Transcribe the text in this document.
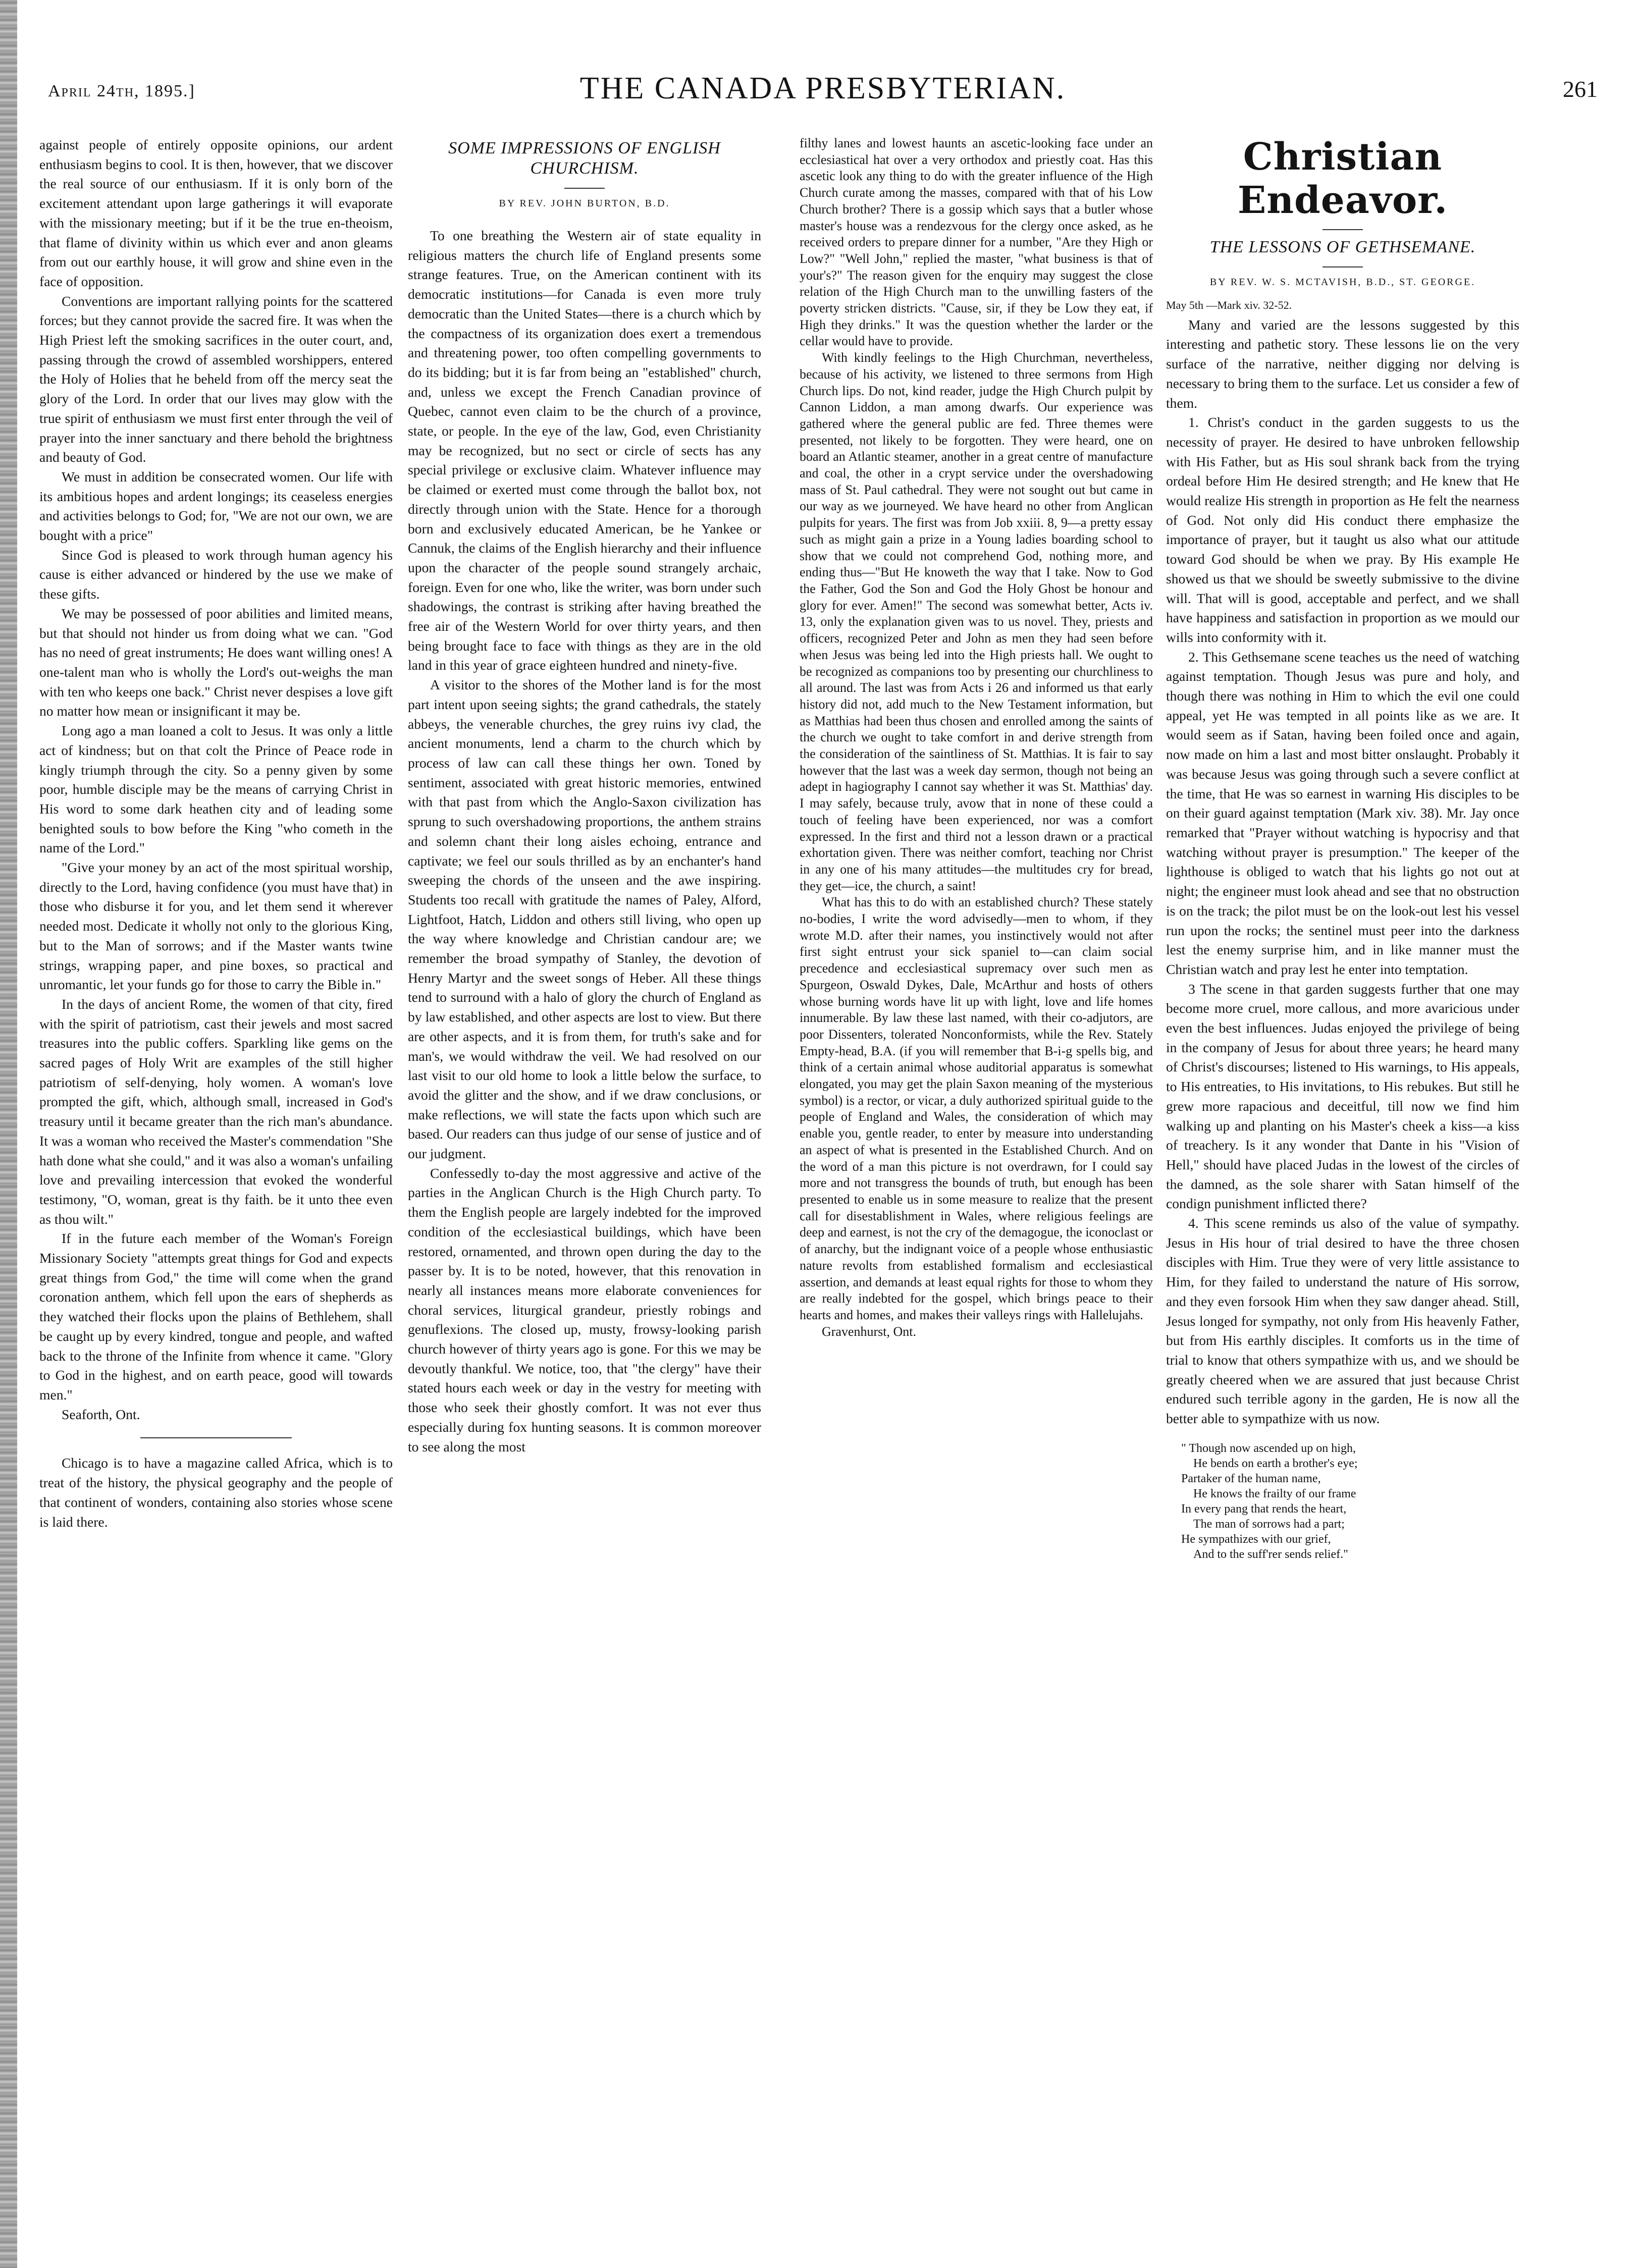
April 24th, 1895.]	THE CANADA PRESBYTERIAN.	261

against people of entirely opposite opinions, our ardent enthusiasm begins to cool. It is then, however, that we discover the real source of our enthusiasm. If it is only born of the excitement attendant upon large gatherings it will evaporate with the missionary meeting; but if it be the true en-theoism, that flame of divinity within us which ever and anon gleams from out our earthly house, it will grow and shine even in the face of opposition.

Conventions are important rallying points for the scattered forces; but they cannot provide the sacred fire. It was when the High Priest left the smoking sacrifices in the outer court, and, passing through the crowd of assembled worshippers, entered the Holy of Holies that he beheld from off the mercy seat the glory of the Lord. In order that our lives may glow with the true spirit of enthusiasm we must first enter through the veil of prayer into the inner sanctuary and there behold the brightness and beauty of God.

We must in addition be consecrated women. Our life with its ambitious hopes and ardent longings; its ceaseless energies and activities belongs to God; for, "We are not our own, we are bought with a price"

Since God is pleased to work through human agency his cause is either advanced or hindered by the use we make of these gifts.

We may be possessed of poor abilities and limited means, but that should not hinder us from doing what we can. "God has no need of great instruments; He does want willing ones! A one-talent man who is wholly the Lord's out-weighs the man with ten who keeps one back." Christ never despises a love gift no matter how mean or insignificant it may be.

Long ago a man loaned a colt to Jesus. It was only a little act of kindness; but on that colt the Prince of Peace rode in kingly triumph through the city. So a penny given by some poor, humble disciple may be the means of carrying Christ in His word to some dark heathen city and of leading some benighted souls to bow before the King "who cometh in the name of the Lord."

"Give your money by an act of the most spiritual worship, directly to the Lord, having confidence (you must have that) in those who disburse it for you, and let them send it wherever needed most. Dedicate it wholly not only to the glorious King, but to the Man of sorrows; and if the Master wants twine strings, wrapping paper, and pine boxes, so practical and unromantic, let your funds go for those to carry the Bible in."

In the days of ancient Rome, the women of that city, fired with the spirit of patriotism, cast their jewels and most sacred treasures into the public coffers. Sparkling like gems on the sacred pages of Holy Writ are examples of the still higher patriotism of self-denying, holy women. A woman's love prompted the gift, which, although small, increased in God's treasury until it became greater than the rich man's abundance. It was a woman who received the Master's commendation "She hath done what she could," and it was also a woman's unfailing love and prevailing intercession that evoked the wonderful testimony, "O, woman, great is thy faith. be it unto thee even as thou wilt."

If in the future each member of the Woman's Foreign Missionary Society "attempts great things for God and expects great things from God," the time will come when the grand coronation anthem, which fell upon the ears of shepherds as they watched their flocks upon the plains of Bethlehem, shall be caught up by every kindred, tongue and people, and wafted back to the throne of the Infinite from whence it came. "Glory to God in the highest, and on earth peace, good will towards men."

Seaforth, Ont.

Chicago is to have a magazine called Africa, which is to treat of the history, the physical geography and the people of that continent of wonders, containing also stories whose scene is laid there.

SOME IMPRESSIONS OF ENGLISH CHURCHISM.
BY REV. JOHN BURTON, B.D.

To one breathing the Western air of state equality in religious matters the church life of England presents some strange features. True, on the American continent with its democratic institutions—for Canada is even more truly democratic than the United States—there is a church which by the compactness of its organization does exert a tremendous and threatening power, too often compelling governments to do its bidding; but it is far from being an "established" church, and, unless we except the French Canadian province of Quebec, cannot even claim to be the church of a province, state, or people. In the eye of the law, God, even Christianity may be recognized, but no sect or circle of sects has any special privilege or exclusive claim. Whatever influence may be claimed or exerted must come through the ballot box, not directly through union with the State. Hence for a thorough born and exclusively educated American, be he Yankee or Cannuk, the claims of the English hierarchy and their influence upon the character of the people sound strangely archaic, foreign. Even for one who, like the writer, was born under such shadowings, the contrast is striking after having breathed the free air of the Western World for over thirty years, and then being brought face to face with things as they are in the old land in this year of grace eighteen hundred and ninety-five.

A visitor to the shores of the Mother land is for the most part intent upon seeing sights; the grand cathedrals, the stately abbeys, the venerable churches, the grey ruins ivy clad, the ancient monuments, lend a charm to the church which by process of law can call these things her own. Toned by sentiment, associated with great historic memories, entwined with that past from which the Anglo-Saxon civilization has sprung to such overshadowing proportions, the anthem strains and solemn chant their long aisles echoing, entrance and captivate; we feel our souls thrilled as by an enchanter's hand sweeping the chords of the unseen and the awe inspiring. Students too recall with gratitude the names of Paley, Alford, Lightfoot, Hatch, Liddon and others still living, who open up the way where knowledge and Christian candour are; we remember the broad sympathy of Stanley, the devotion of Henry Martyr and the sweet songs of Heber. All these things tend to surround with a halo of glory the church of England as by law established, and other aspects are lost to view. But there are other aspects, and it is from them, for truth's sake and for man's, we would withdraw the veil. We had resolved on our last visit to our old home to look a little below the surface, to avoid the glitter and the show, and if we draw conclusions, or make reflections, we will state the facts upon which such are based. Our readers can thus judge of our sense of justice and of our judgment.

Confessedly to-day the most aggressive and active of the parties in the Anglican Church is the High Church party. To them the English people are largely indebted for the improved condition of the ecclesiastical buildings, which have been restored, ornamented, and thrown open during the day to the passer by. It is to be noted, however, that this renovation in nearly all instances means more elaborate conveniences for choral services, liturgical grandeur, priestly robings and genuflexions. The closed up, musty, frowsy-looking parish church however of thirty years ago is gone. For this we may be devoutly thankful. We notice, too, that "the clergy" have their stated hours each week or day in the vestry for meeting with those who seek their ghostly comfort. It was not ever thus especially during fox hunting seasons. It is common moreover to see along the most

filthy lanes and lowest haunts an ascetic-looking face under an ecclesiastical hat over a very orthodox and priestly coat. Has this ascetic look any thing to do with the greater influence of the High Church curate among the masses, compared with that of his Low Church brother? There is a gossip which says that a butler whose master's house was a rendezvous for the clergy once asked, as he received orders to prepare dinner for a number, "Are they High or Low?" "Well John," replied the master, "what business is that of your's?" The reason given for the enquiry may suggest the close relation of the High Church man to the unwilling fasters of the poverty stricken districts. "Cause, sir, if they be Low they eat, if High they drinks." It was the question whether the larder or the cellar would have to provide.

With kindly feelings to the High Churchman, nevertheless, because of his activity, we listened to three sermons from High Church lips. Do not, kind reader, judge the High Church pulpit by Cannon Liddon, a man among dwarfs. Our experience was gathered where the general public are fed. Three themes were presented, not likely to be forgotten. They were heard, one on board an Atlantic steamer, another in a great centre of manufacture and coal, the other in a crypt service under the overshadowing mass of St. Paul cathedral. They were not sought out but came in our way as we journeyed. We have heard no other from Anglican pulpits for years. The first was from Job xxiii. 8, 9—a pretty essay such as might gain a prize in a Young ladies boarding school to show that we could not comprehend God, nothing more, and ending thus—"But He knoweth the way that I take. Now to God the Father, God the Son and God the Holy Ghost be honour and glory for ever. Amen!" The second was somewhat better, Acts iv. 13, only the explanation given was to us novel. They, priests and officers, recognized Peter and John as men they had seen before when Jesus was being led into the High priests hall. We ought to be recognized as companions too by presenting our churchliness to all around. The last was from Acts i 26 and informed us that early history did not, add much to the New Testament information, but as Matthias had been thus chosen and enrolled among the saints of the church we ought to take comfort in and derive strength from the consideration of the saintliness of St. Matthias. It is fair to say however that the last was a week day sermon, though not being an adept in hagiography I cannot say whether it was St. Matthias' day. I may safely, because truly, avow that in none of these could a touch of feeling have been experienced, nor was a comfort expressed. In the first and third not a lesson drawn or a practical exhortation given. There was neither comfort, teaching nor Christ in any one of his many attitudes—the multitudes cry for bread, they get—ice, the church, a saint!

What has this to do with an established church? These stately no-bodies, I write the word advisedly—men to whom, if they wrote M.D. after their names, you instinctively would not after first sight entrust your sick spaniel to—can claim social precedence and ecclesiastical supremacy over such men as Spurgeon, Oswald Dykes, Dale, McArthur and hosts of others whose burning words have lit up with light, love and life homes innumerable. By law these last named, with their co-adjutors, are poor Dissenters, tolerated Nonconformists, while the Rev. Stately Empty-head, B.A. (if you will remember that B-i-g spells big, and think of a certain animal whose auditorial apparatus is somewhat elongated, you may get the plain Saxon meaning of the mysterious symbol) is a rector, or vicar, a duly authorized spiritual guide to the people of England and Wales, the consideration of which may enable you, gentle reader, to enter by measure into understanding an aspect of what is presented in the Established Church. And on the word of a man this picture is not overdrawn, for I could say more and not transgress the bounds of truth, but enough has been presented to enable us in some measure to realize that the present call for disestablishment in Wales, where religious feelings are deep and earnest, is not the cry of the demagogue, the iconoclast or of anarchy, but the indignant voice of a people whose enthusiastic nature revolts from established formalism and ecclesiastical assertion, and demands at least equal rights for those to whom they are really indebted for the gospel, which brings peace to their hearts and homes, and makes their valleys rings with Hallelujahs.

Gravenhurst, Ont.

Christian Endeavor.
THE LESSONS OF GETHSEMANE.
BY REV. W. S. MCTAVISH, B.D., ST. GEORGE.

May 5th —Mark xiv. 32-52.

Many and varied are the lessons suggested by this interesting and pathetic story. These lessons lie on the very surface of the narrative, neither digging nor delving is necessary to bring them to the surface. Let us consider a few of them.

1. Christ's conduct in the garden suggests to us the necessity of prayer. He desired to have unbroken fellowship with His Father, but as His soul shrank back from the trying ordeal before Him He desired strength; and He knew that He would realize His strength in proportion as He felt the nearness of God. Not only did His conduct there emphasize the importance of prayer, but it taught us also what our attitude toward God should be when we pray. By His example He showed us that we should be sweetly submissive to the divine will. That will is good, acceptable and perfect, and we shall have happiness and satisfaction in proportion as we mould our wills into conformity with it.

2. This Gethsemane scene teaches us the need of watching against temptation. Though Jesus was pure and holy, and though there was nothing in Him to which the evil one could appeal, yet He was tempted in all points like as we are. It would seem as if Satan, having been foiled once and again, now made on him a last and most bitter onslaught. Probably it was because Jesus was going through such a severe conflict at the time, that He was so earnest in warning His disciples to be on their guard against temptation (Mark xiv. 38). Mr. Jay once remarked that "Prayer without watching is hypocrisy and that watching without prayer is presumption." The keeper of the lighthouse is obliged to watch that his lights go not out at night; the engineer must look ahead and see that no obstruction is on the track; the pilot must be on the look-out lest his vessel run upon the rocks; the sentinel must peer into the darkness lest the enemy surprise him, and in like manner must the Christian watch and pray lest he enter into temptation.

3 The scene in that garden suggests further that one may become more cruel, more callous, and more avaricious under even the best influences. Judas enjoyed the privilege of being in the company of Jesus for about three years; he heard many of Christ's discourses; listened to His warnings, to His appeals, to His entreaties, to His invitations, to His rebukes. But still he grew more rapacious and deceitful, till now we find him walking up and planting on his Master's cheek a kiss—a kiss of treachery. Is it any wonder that Dante in his "Vision of Hell," should have placed Judas in the lowest of the circles of the damned, as the sole sharer with Satan himself of the condign punishment inflicted there?

4. This scene reminds us also of the value of sympathy. Jesus in His hour of trial desired to have the three chosen disciples with Him. True they were of very little assistance to Him, for they failed to understand the nature of His sorrow, and they even forsook Him when they saw danger ahead. Still, Jesus longed for sympathy, not only from His heavenly Father, but from His earthly disciples. It comforts us in the time of trial to know that others sympathize with us, and we should be greatly cheered when we are assured that just because Christ endured such terrible agony in the garden, He is now all the better able to sympathize with us now.

" Though now ascended up on high,
He bends on earth a brother's eye;
Partaker of the human name,
He knows the frailty of our frame
In every pang that rends the heart,
The man of sorrows had a part;
He sympathizes with our grief,
And to the suff'rer sends relief."
